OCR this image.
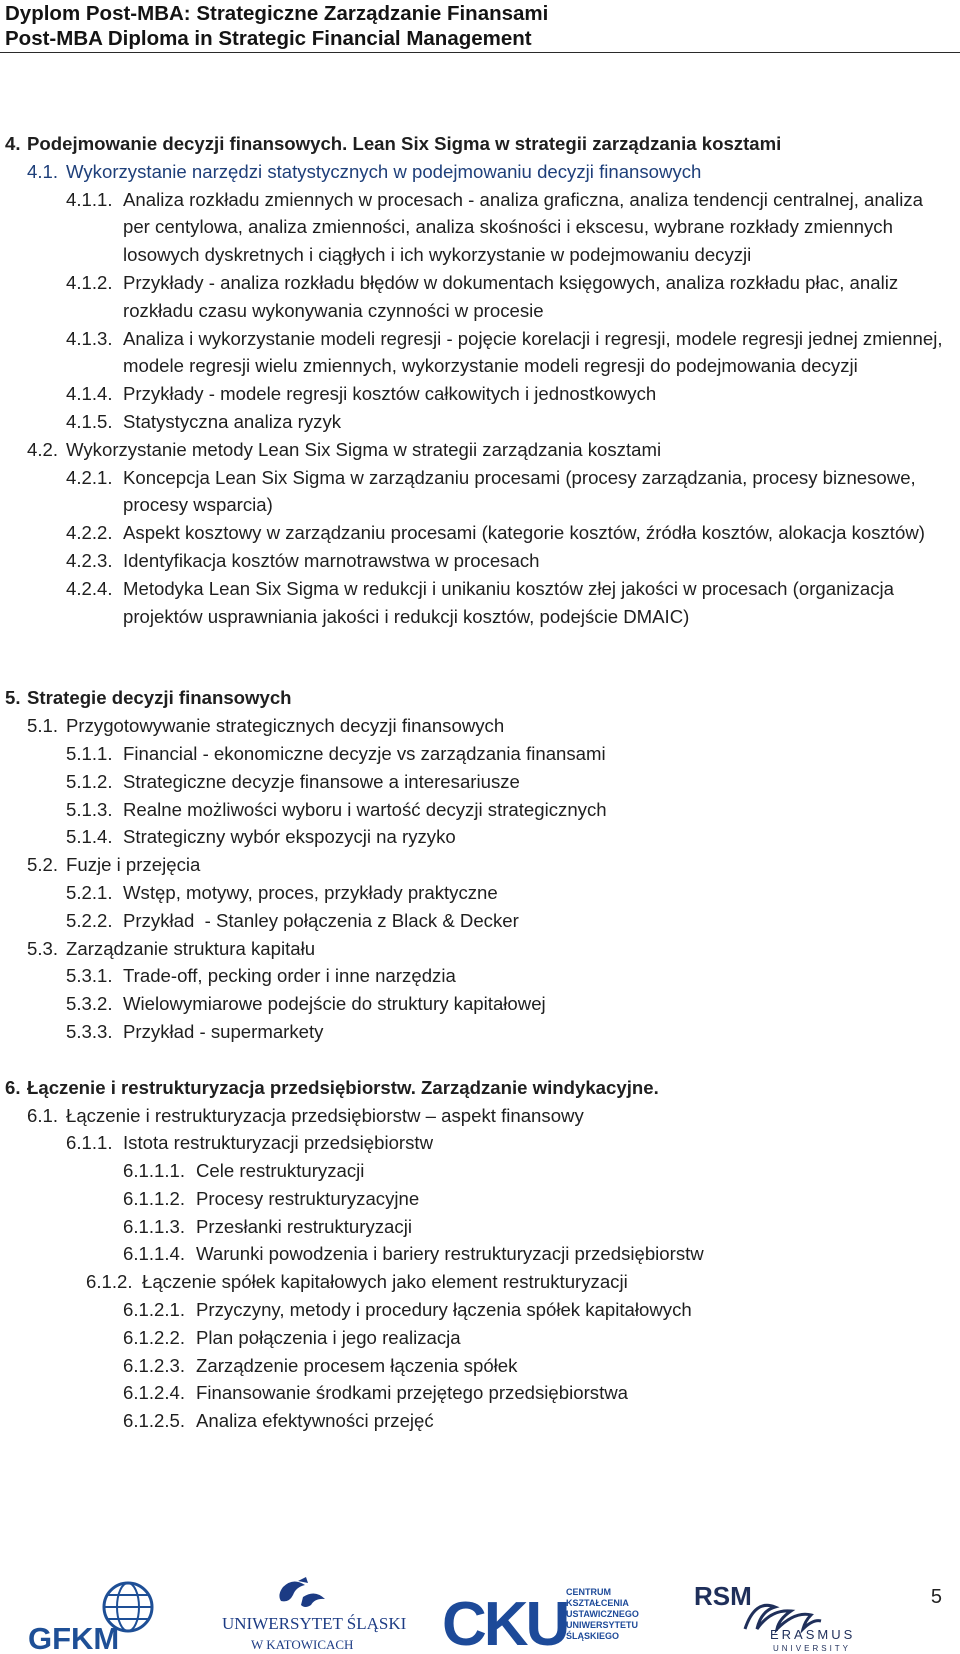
Dyplom Post-MBA: Strategiczne Zarządzanie Finansami
Post-MBA Diploma in Strategic Financial Management
4. Podejmowanie decyzji finansowych. Lean Six Sigma w strategii zarządzania kosztami
4.1. Wykorzystanie narzędzi statystycznych w podejmowaniu decyzji finansowych
4.1.1. Analiza rozkładu zmiennych w procesach - analiza graficzna, analiza tendencji centralnej, analiza per centylowa, analiza zmienności, analiza skośności i ekscesu, wybrane rozkłady zmiennych losowych dyskretnych i ciągłych i ich wykorzystanie w podejmowaniu decyzji
4.1.2. Przykłady - analiza rozkładu błędów w dokumentach księgowych, analiza rozkładu płac, analiz rozkładu czasu wykonywania czynności w procesie
4.1.3. Analiza i wykorzystanie modeli regresji - pojęcie korelacji i regresji, modele regresji jednej zmiennej, modele regresji wielu zmiennych, wykorzystanie modeli regresji do podejmowania decyzji
4.1.4. Przykłady - modele regresji kosztów całkowitych i jednostkowych
4.1.5. Statystyczna analiza ryzyk
4.2. Wykorzystanie metody Lean Six Sigma w strategii zarządzania kosztami
4.2.1. Koncepcja Lean Six Sigma w zarządzaniu procesami (procesy zarządzania, procesy biznesowe, procesy wsparcia)
4.2.2. Aspekt kosztowy w zarządzaniu procesami (kategorie kosztów, źródła kosztów, alokacja kosztów)
4.2.3. Identyfikacja kosztów marnotrawstwa w procesach
4.2.4. Metodyka Lean Six Sigma w redukcji i unikaniu kosztów złej jakości w procesach (organizacja projektów usprawniania jakości i redukcji kosztów, podejście DMAIC)
5. Strategie decyzji finansowych
5.1. Przygotowywanie strategicznych decyzji finansowych
5.1.1. Financial - ekonomiczne decyzje vs zarządzania finansami
5.1.2. Strategiczne decyzje finansowe a interesariusze
5.1.3. Realne możliwości wyboru i wartość decyzji strategicznych
5.1.4. Strategiczny wybór ekspozycji na ryzyko
5.2. Fuzje i przejęcia
5.2.1. Wstęp, motywy, proces, przykłady praktyczne
5.2.2. Przykład  - Stanley połączenia z Black & Decker
5.3. Zarządzanie struktura kapitału
5.3.1. Trade-off, pecking order i inne narzędzia
5.3.2. Wielowymiarowe podejście do struktury kapitałowej
5.3.3. Przykład - supermarkety
6. Łączenie i restrukturyzacja przedsiębiorstw. Zarządzanie windykacyjne.
6.1. Łączenie i restrukturyzacja przedsiębiorstw – aspekt finansowy
6.1.1. Istota restrukturyzacji przedsiębiorstw
6.1.1.1. Cele restrukturyzacji
6.1.1.2. Procesy restrukturyzacyjne
6.1.1.3. Przesłanki restrukturyzacji
6.1.1.4. Warunki powodzenia i bariery restrukturyzacji przedsiębiorstw
6.1.2. Łączenie spółek kapitałowych jako element restrukturyzacji
6.1.2.1. Przyczyny, metody i procedury łączenia spółek kapitałowych
6.1.2.2. Plan połączenia i jego realizacja
6.1.2.3. Zarządzenie procesem łączenia spółek
6.1.2.4. Finansowanie środkami przejętego przedsiębiorstwa
6.1.2.5. Analiza efektywności przejęć
GFKM	UNIWERSYTET ŚLĄSKI
W KATOWICACH CKU
CENTRUM
KSZTAŁCENIA
USTAWICZNEGO
UNIWERSYTETU
ŚLĄSKIEGO
RSM
ERASMUS
UNIVERSITY
5
